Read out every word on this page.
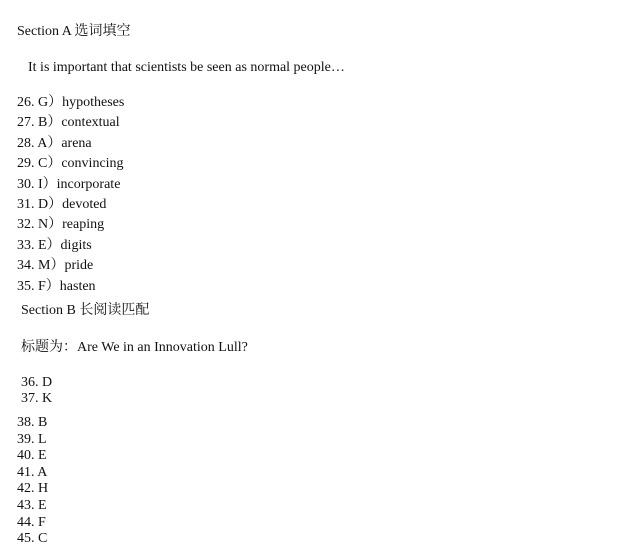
Section A 选词填空
It is important that scientists be seen as normal people…
26. G）hypotheses
27. B）contextual
28. A）arena
29. C）convincing
30. I）incorporate
31. D）devoted
32. N）reaping
33. E）digits
34. M）pride
35. F）hasten
Section B 长阅读匹配
标题为：Are We in an Innovation Lull?
36. D
37. K
38. B
39. L
40. E
41. A
42. H
43. E
44. F
45. C
